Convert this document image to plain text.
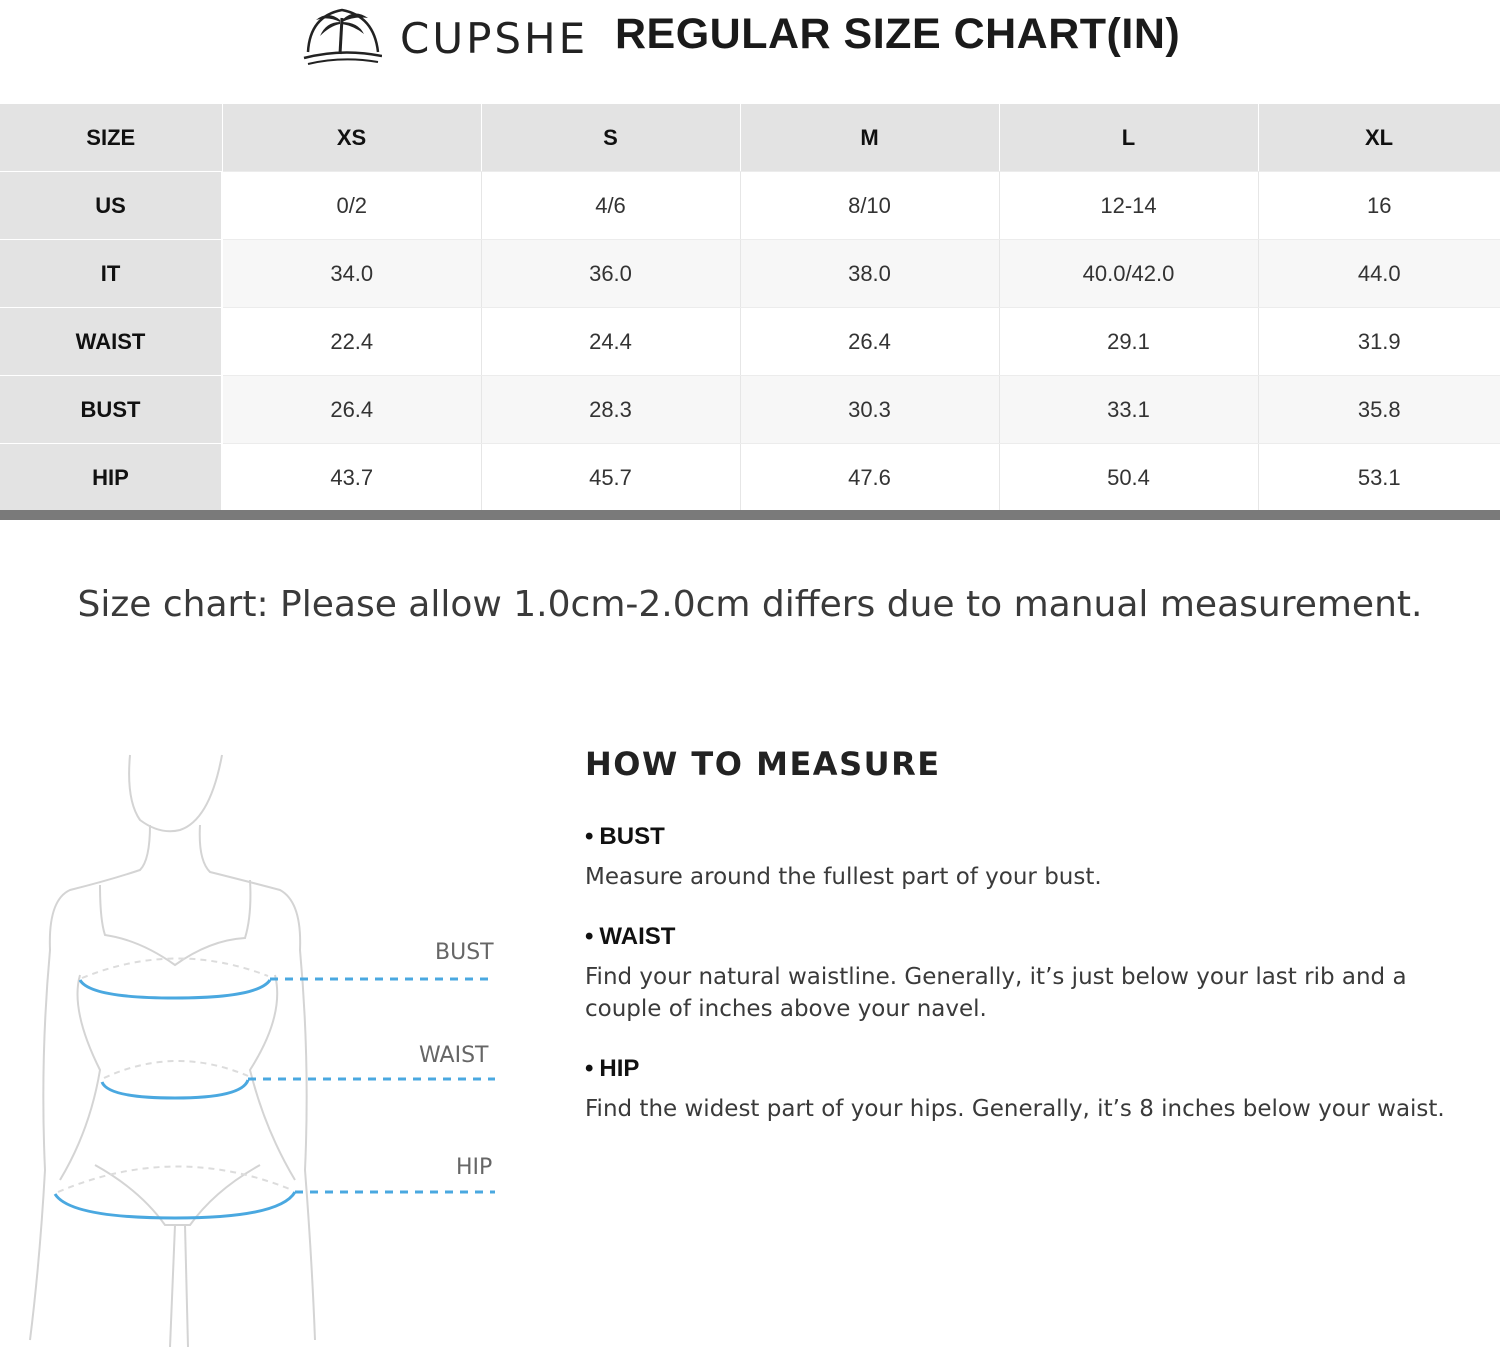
CUPSHE REGULAR SIZE CHART(IN)
SIZE	XS	S	M	L	XL
US	0/2	4/6	8/10	12-14	16
IT	34.0	36.0	38.0	40.0/42.0	44.0
WAIST	22.4	24.4	26.4	29.1	31.9
BUST	26.4	28.3	30.3	33.1	35.8
HIP	43.7	45.7	47.6	50.4	53.1
Size chart: Please allow 1.0cm-2.0cm differs due to manual measurement.
BUST
WAIST
HIP
HOW TO MEASURE
• BUST
Measure around the fullest part of your bust.
• WAIST
Find your natural waistline. Generally, it’s just below your last rib and a couple of inches above your navel.
• HIP
Find the widest part of your hips. Generally, it’s 8 inches below your waist.
